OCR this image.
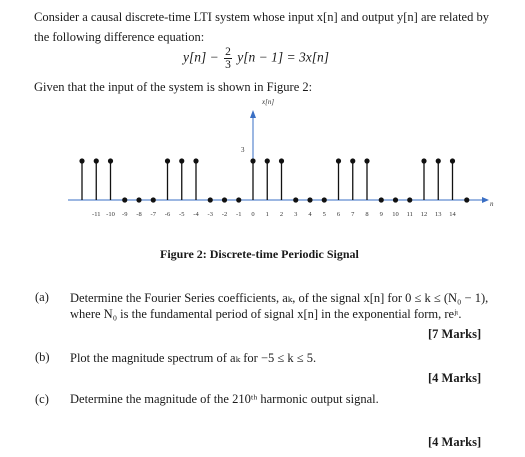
Consider a causal discrete-time LTI system whose input x[n] and output y[n] are related by
the following difference equation:
$y[n] - \frac{2}{3} y[n - 1] = 3x[n]$
Given that the input of the system is shown in Figure 2:
-11 -10 -9 -8 -7 -6 -5 -4 -3 -2 -1 0 1 2 3 4 5 6 7 8 9 10 11 12 13 14
x[n]
n
3
Figure 2: Discrete-time Periodic Signal
(a) Determine the Fourier Series coefficients, aₖ, of the signal x[n] for 0 ≤ k ≤ (N₀ − 1),
where N₀ is the fundamental period of signal x[n] in the exponential form, reʲᶥ.
[7 Marks]
(b) Plot the magnitude spectrum of aₖ for −5 ≤ k ≤ 5.
[4 Marks]
(c) Determine the magnitude of the 210ᵗʰ harmonic output signal.
[4 Marks]
